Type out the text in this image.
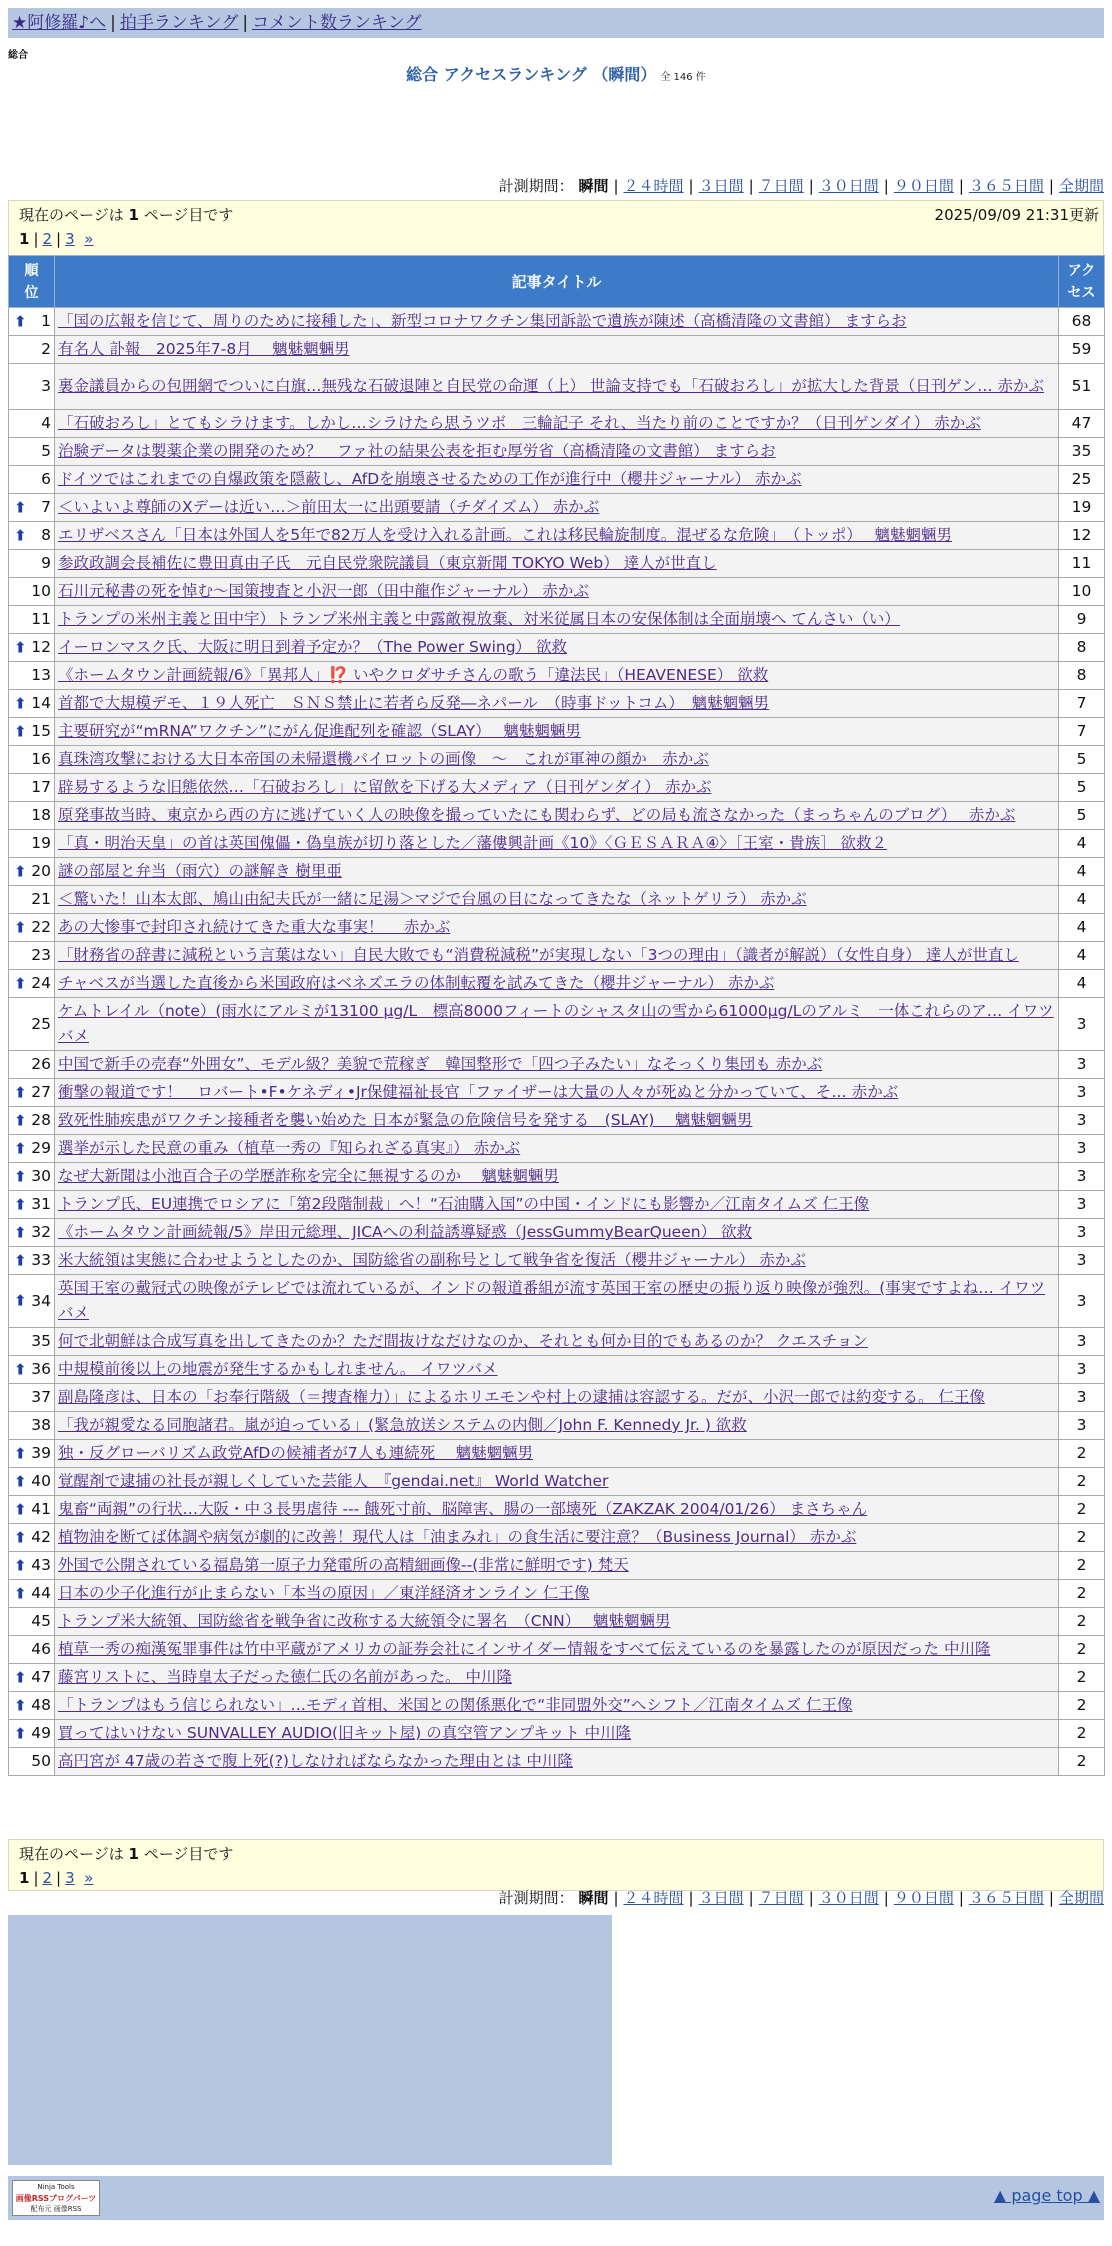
★阿修羅♪へ | 拍手ランキング | コメント数ランキング
総合
総合 アクセスランキング （瞬間） 全 146 件
計測期間： 瞬間 | ２４時間 | ３日間 | ７日間 | ３０日間 | ９０日間 | ３６５日間 | 全期間
現在のページは 1 ページ目です	2025/09/09 21:31更新
1 | 2 | 3 »
順位	記事タイトル	アクセス

⬆ 1	「国の広報を信じて、周りのために接種した」、新型コロナワクチン集団訴訟で遺族が陳述（高橋清隆の文書館） ますらお	68
2	有名人 訃報　2025年7-8月　 魑魅魍魎男	59
3	裏金議員からの包囲網でついに白旗…無残な石破退陣と自民党の命運（上） 世論支持でも「石破おろし」が拡大した背景（日刊ゲン… 赤かぶ	51
4	「石破おろし」とてもシラけます。しかし…シラけたら思うツボ　三輪記子 それ、当たり前のことですか？（日刊ゲンダイ） 赤かぶ	47
5	治験データは製薬企業の開発のため？　ファ社の結果公表を拒む厚労省（高橋清隆の文書館） ますらお	35
6	ドイツではこれまでの自爆政策を隠蔽し、AfDを崩壊させるための工作が進行中（櫻井ジャーナル） 赤かぶ	25

⬆ 7	＜いよいよ尊師のXデーは近い…＞前田太一に出頭要請（チダイズム） 赤かぶ	19

⬆ 8	エリザベスさん「日本は外国人を5年で82万人を受け入れる計画。これは移民輪旋制度。混ぜるな危険」　（トッポ）　 魑魅魍魎男	12
9	参政政調会長補佐に豊田真由子氏　元自民党衆院議員（東京新聞 TOKYO Web） 達人が世直し	11
10	石川元秘書の死を悼む〜国策捜査と小沢一郎（田中龍作ジャーナル） 赤かぶ	10
11	トランプの米州主義と田中宇）トランプ米州主義と中露敵視放棄、対米従属日本の安保体制は全面崩壊へ てんさい（い）	9

⬆ 12	イーロンマスク氏、大阪に明日到着予定か？（The Power Swing） 欲救	8
13	《ホームタウン計画続報/6》「異邦人」⁉️ いやクロダサチさんの歌う「違法民」（HEAVENESE） 欲救	8

⬆ 14	首都で大規模デモ、１９人死亡　ＳＮＳ禁止に若者ら反発―ネパール　（時事ドットコム）　魑魅魍魎男	7

⬆ 15	主要研究が“mRNA”ワクチン”にがん促進配列を確認（SLAY）　 魑魅魍魎男	7
16	真珠湾攻撃における大日本帝国の未帰還機パイロットの画像　〜　これが軍神の顔か　赤かぶ	5
17	辟易するような旧態依然…「石破おろし」に留飲を下げる大メディア（日刊ゲンダイ） 赤かぶ	5
18	原発事故当時、東京から西の方に逃げていく人の映像を撮っていたにも関わらず、どの局も流さなかった（まっちゃんのブログ）　 赤かぶ	5
19	「真・明治天皇」の首は英国傀儡・偽皇族が切り落とした／藩僂興計画《10》〈ＧＥＳＡＲＡ④〉［王室・貴族］ 欲救２	4

⬆ 20	謎の部屋と弁当（雨穴）の謎解き 樹里亜	4
21	＜驚いた！山本太郎、鳩山由紀夫氏が一緒に足湯＞マジで台風の目になってきたな（ネットゲリラ） 赤かぶ	4

⬆ 22	あの大惨事で封印され続けてきた重大な事実！　 赤かぶ	4
23	「財務省の辞書に減税という言葉はない」自民大敗でも“消費税減税”が実現しない「3つの理由」（識者が解説）（女性自身） 達人が世直し	4

⬆ 24	チャベスが当選した直後から米国政府はベネズエラの体制転覆を試みてきた（櫻井ジャーナル） 赤かぶ	4
25	ケムトレイル（note）(雨水にアルミが13100 μg/L　標高8000フィートのシャスタ山の雪から61000μg/Lのアルミ　一体これらのア… イワツバメ	3
26	中国で新手の売春“外囲女”、モデル級？美貌で荒稼ぎ　韓国整形で「四つ子みたい」なそっくり集団も 赤かぶ	3

⬆ 27	衝撃の報道です！　ロバート•F•ケネディ•Jr保健福祉長官「ファイザーは大量の人々が死ぬと分かっていて、そ… 赤かぶ	3

⬆ 28	致死性肺疾患がワクチン接種者を襲い始めた 日本が緊急の危険信号を発する　(SLAY)　 魑魅魍魎男	3

⬆ 29	選挙が示した民意の重み（植草一秀の『知られざる真実』） 赤かぶ	3

⬆ 30	なぜ大新聞は小池百合子の学歴詐称を完全に無視するのか　 魑魅魍魎男	3

⬆ 31	トランプ氏、EU連携でロシアに「第2段階制裁」へ！“石油購入国”の中国・インドにも影響か／江南タイムズ 仁王像	3

⬆ 32	《ホームタウン計画続報/5》岸田元総理、JICAへの利益誘導疑惑（JessGummyBearQueen） 欲救	3

⬆ 33	米大統領は実態に合わせようとしたのか、国防総省の副称号として戦争省を復活（櫻井ジャーナル） 赤かぶ	3

⬆ 34	英国王室の戴冠式の映像がテレビでは流れているが、インドの報道番組が流す英国王室の歴史の振り返り映像が強烈。(事実ですよね… イワツバメ	3
35	何で北朝鮮は合成写真を出してきたのか？ただ間抜けなだけなのか、それとも何か目的でもあるのか？ クエスチョン	3

⬆ 36	中規模前後以上の地震が発生するかもしれません。 イワツバメ	3
37	副島隆彦は、日本の「お奉行階級（＝捜査権力）」によるホリエモンや村上の逮捕は容認する。だが、小沢一郎では約変する。 仁王像	3
38	「我が親愛なる同胞諸君。嵐が迫っている」(緊急放送システムの内側／John F. Kennedy Jr. ) 欲救	3

⬆ 39	独・反グローバリズム政党AfDの候補者が7人も連続死　 魑魅魍魎男	2

⬆ 40	覚醒剤で逮捕の社長が親しくしていた芸能人　『gendai.net』 World Watcher	2

⬆ 41	鬼畜“両親”の行状…大阪・中３長男虐待 --- 餓死寸前、脳障害、腸の一部壊死（ZAKZAK 2004/01/26） まさちゃん	2

⬆ 42	植物油を断てば体調や病気が劇的に改善！現代人は「油まみれ」の食生活に要注意？（Business Journal） 赤かぶ	2

⬆ 43	外国で公開されている福島第一原子力発電所の高精細画像--(非常に鮮明です) 梵天	2

⬆ 44	日本の少子化進行が止まらない「本当の原因」／東洋経済オンライン 仁王像	2
45	トランプ米大統領、国防総省を戦争省に改称する大統領令に署名　（CNN）　 魑魅魍魎男	2
46	植草一秀の痴漢冤罪事件は竹中平蔵がアメリカの証券会社にインサイダー情報をすべて伝えているのを暴露したのが原因だった 中川隆	2

⬆ 47	藤宮リストに、当時皇太子だった徳仁氏の名前があった。 中川隆	2

⬆ 48	「トランプはもう信じられない」…モディ首相、米国との関係悪化で“非同盟外交”へシフト／江南タイムズ 仁王像	2

⬆ 49	買ってはいけない SUNVALLEY AUDIO(旧キット屋) の真空管アンプキット 中川隆	2
50	高円宮が 47歳の若さで腹上死(?)しなければならなかった理由とは 中川隆	2
現在のページは 1 ページ目です
1 | 2 | 3 »
計測期間： 瞬間 | ２４時間 | ３日間 | ７日間 | ３０日間 | ９０日間 | ３６５日間 | 全期間
Ninja Tools
画像RSSブログパーツ
配布元 画像RSS
▲ page top ▲
